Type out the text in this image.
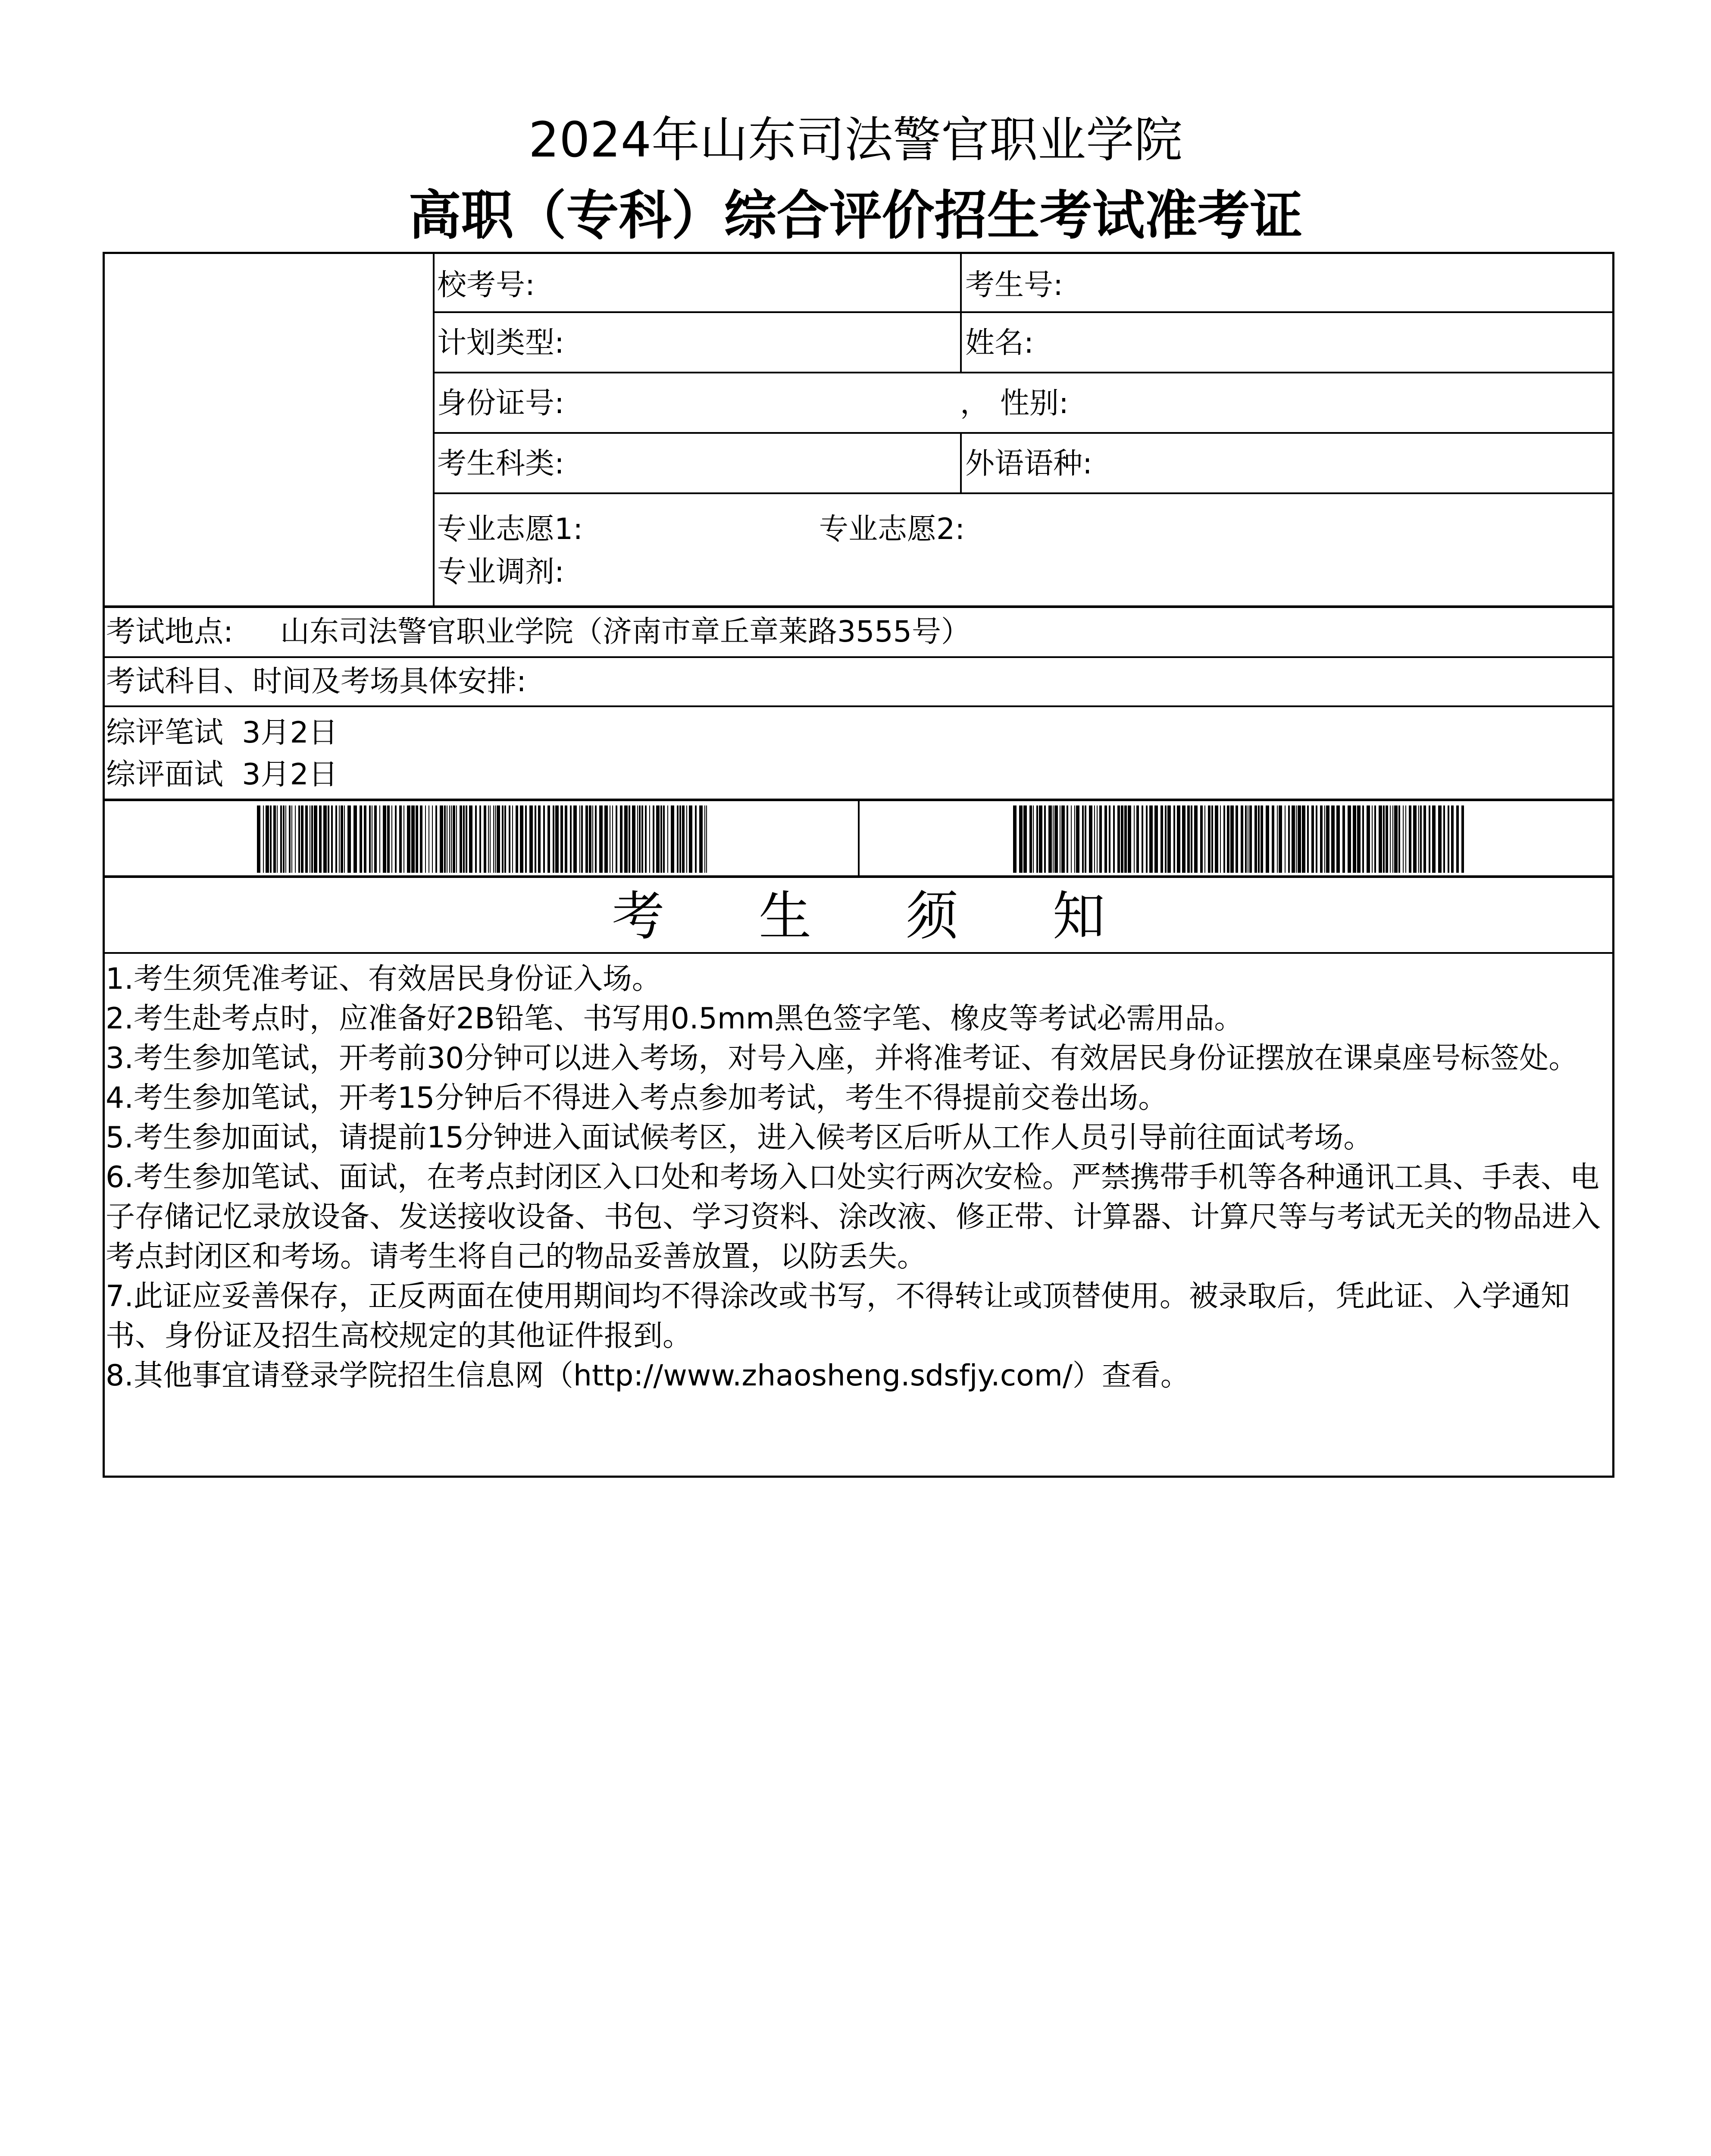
2024年山东司法警官职业学院
高职（专科）综合评价招生考试准考证
校考号:	考生号:
计划类型:	姓名:
身份证号:	， 性别:
考生科类:	外语语种:
专业志愿1:	专业志愿2:
专业调剂:
考试地点: 山东司法警官职业学院（济南市章丘章莱路3555号）
考试科目、时间及考场具体安排:
综评笔试  3月2日
综评面试  3月2日
考 生 须 知

1.考生须凭准考证、有效居民身份证入场。

2.考生赴考点时，应准备好2B铅笔、书写用0.5mm黑色签字笔、橡皮等考试必需用品。

3.考生参加笔试，开考前30分钟可以进入考场，对号入座，并将准考证、有效居民身份证摆放在课桌座号标签处。

4.考生参加笔试，开考15分钟后不得进入考点参加考试，考生不得提前交卷出场。

5.考生参加面试，请提前15分钟进入面试候考区，进入候考区后听从工作人员引导前往面试考场。

6.考生参加笔试、面试，在考点封闭区入口处和考场入口处实行两次安检。严禁携带手机等各种通讯工具、手表、电子存储记忆录放设备、发送接收设备、书包、学习资料、涂改液、修正带、计算器、计算尺等与考试无关的物品进入考点封闭区和考场。请考生将自己的物品妥善放置，以防丢失。

7.此证应妥善保存，正反两面在使用期间均不得涂改或书写，不得转让或顶替使用。被录取后，凭此证、入学通知书、身份证及招生高校规定的其他证件报到。

8.其他事宜请登录学院招生信息网（http://www.zhaosheng.sdsfjy.com/）查看。
